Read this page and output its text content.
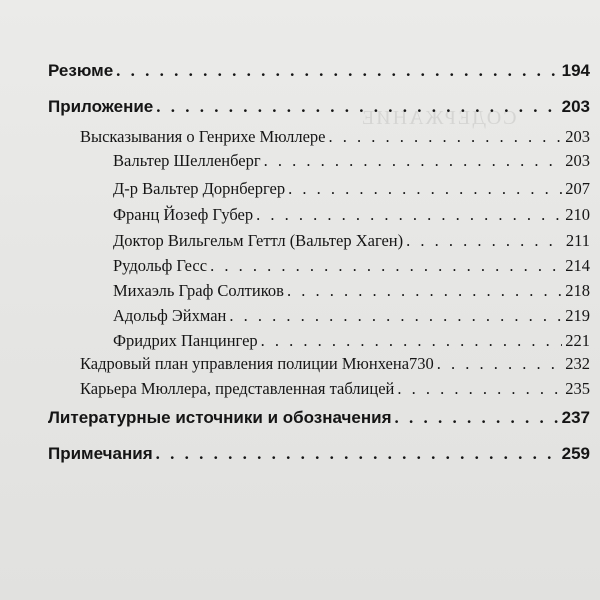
СОДЕРЖАНИЕ
Резюме . . .	194
Приложение . . .	203
Высказывания о Генрихе Мюллере . . .	203
Вальтер Шелленберг . . .	203
Д-р Вальтер Дорнбергер . . .	207
Франц Йозеф Губер . . .	210
Доктор Вильгельм Геттл (Вальтер Хаген) . . .	211
Рудольф Гесс . . .	214
Михаэль Граф Солтиков . . .	218
Адольф Эйхман . . .	219
Фридрих Панцингер . . .	221
Кадровый план управления полиции Мюнхена730 . . .	232
Карьера Мюллера, представленная таблицей . . .	235
Литературные источники и обозначения . . .	237
Примечания . . .	259
